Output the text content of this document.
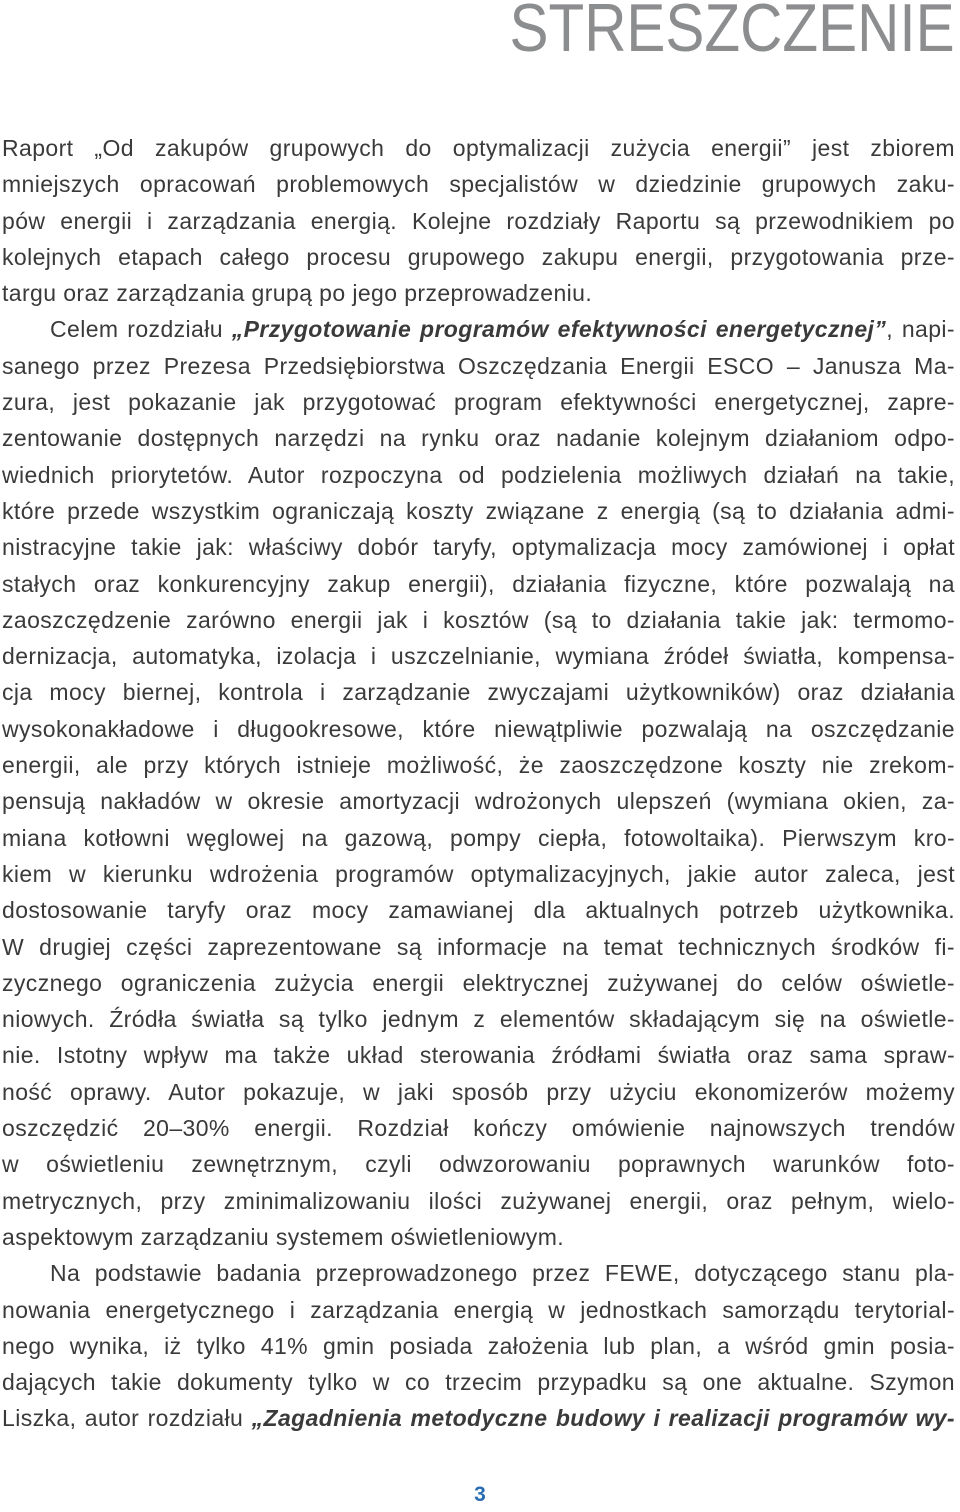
STRESZCZENIE
Raport „Od zakupów grupowych do optymalizacji zużycia energii” jest zbiorem
mniejszych opracowań problemowych specjalistów w dziedzinie grupowych zaku-
pów energii i zarządzania energią. Kolejne rozdziały Raportu są przewodnikiem po
kolejnych etapach całego procesu grupowego zakupu energii, przygotowania prze-
targu oraz zarządzania grupą po jego przeprowadzeniu.
Celem rozdziału „Przygotowanie programów efektywności energetycznej”, napi-
sanego przez Prezesa Przedsiębiorstwa Oszczędzania Energii ESCO – Janusza Ma-
zura, jest pokazanie jak przygotować program efektywności energetycznej, zapre-
zentowanie dostępnych narzędzi na rynku oraz nadanie kolejnym działaniom odpo-
wiednich priorytetów. Autor rozpoczyna od podzielenia możliwych działań na takie,
które przede wszystkim ograniczają koszty związane z energią (są to działania admi-
nistracyjne takie jak: właściwy dobór taryfy, optymalizacja mocy zamówionej i opłat
stałych oraz konkurencyjny zakup energii), działania fizyczne, które pozwalają na
zaoszczędzenie zarówno energii jak i kosztów (są to działania takie jak: termomo-
dernizacja, automatyka, izolacja i uszczelnianie, wymiana źródeł światła, kompensa-
cja mocy biernej, kontrola i zarządzanie zwyczajami użytkowników) oraz działania
wysokonakładowe i długookresowe, które niewątpliwie pozwalają na oszczędzanie
energii, ale przy których istnieje możliwość, że zaoszczędzone koszty nie zrekom-
pensują nakładów w okresie amortyzacji wdrożonych ulepszeń (wymiana okien, za-
miana kotłowni węglowej na gazową, pompy ciepła, fotowoltaika). Pierwszym kro-
kiem w kierunku wdrożenia programów optymalizacyjnych, jakie autor zaleca, jest
dostosowanie taryfy oraz mocy zamawianej dla aktualnych potrzeb użytkownika.
W drugiej części zaprezentowane są informacje na temat technicznych środków fi-
zycznego ograniczenia zużycia energii elektrycznej zużywanej do celów oświetle-
niowych. Źródła światła są tylko jednym z elementów składającym się na oświetle-
nie. Istotny wpływ ma także układ sterowania źródłami światła oraz sama spraw-
ność oprawy. Autor pokazuje, w jaki sposób przy użyciu ekonomizerów możemy
oszczędzić 20–30% energii. Rozdział kończy omówienie najnowszych trendów
w oświetleniu zewnętrznym, czyli odwzorowaniu poprawnych warunków foto-
metrycznych, przy zminimalizowaniu ilości zużywanej energii, oraz pełnym, wielo-
aspektowym zarządzaniu systemem oświetleniowym.
Na podstawie badania przeprowadzonego przez FEWE, dotyczącego stanu pla-
nowania energetycznego i zarządzania energią w jednostkach samorządu terytorial-
nego wynika, iż tylko 41% gmin posiada założenia lub plan, a wśród gmin posia-
dających takie dokumenty tylko w co trzecim przypadku są one aktualne. Szymon
Liszka, autor rozdziału „Zagadnienia metodyczne budowy i realizacji programów wy-
3
